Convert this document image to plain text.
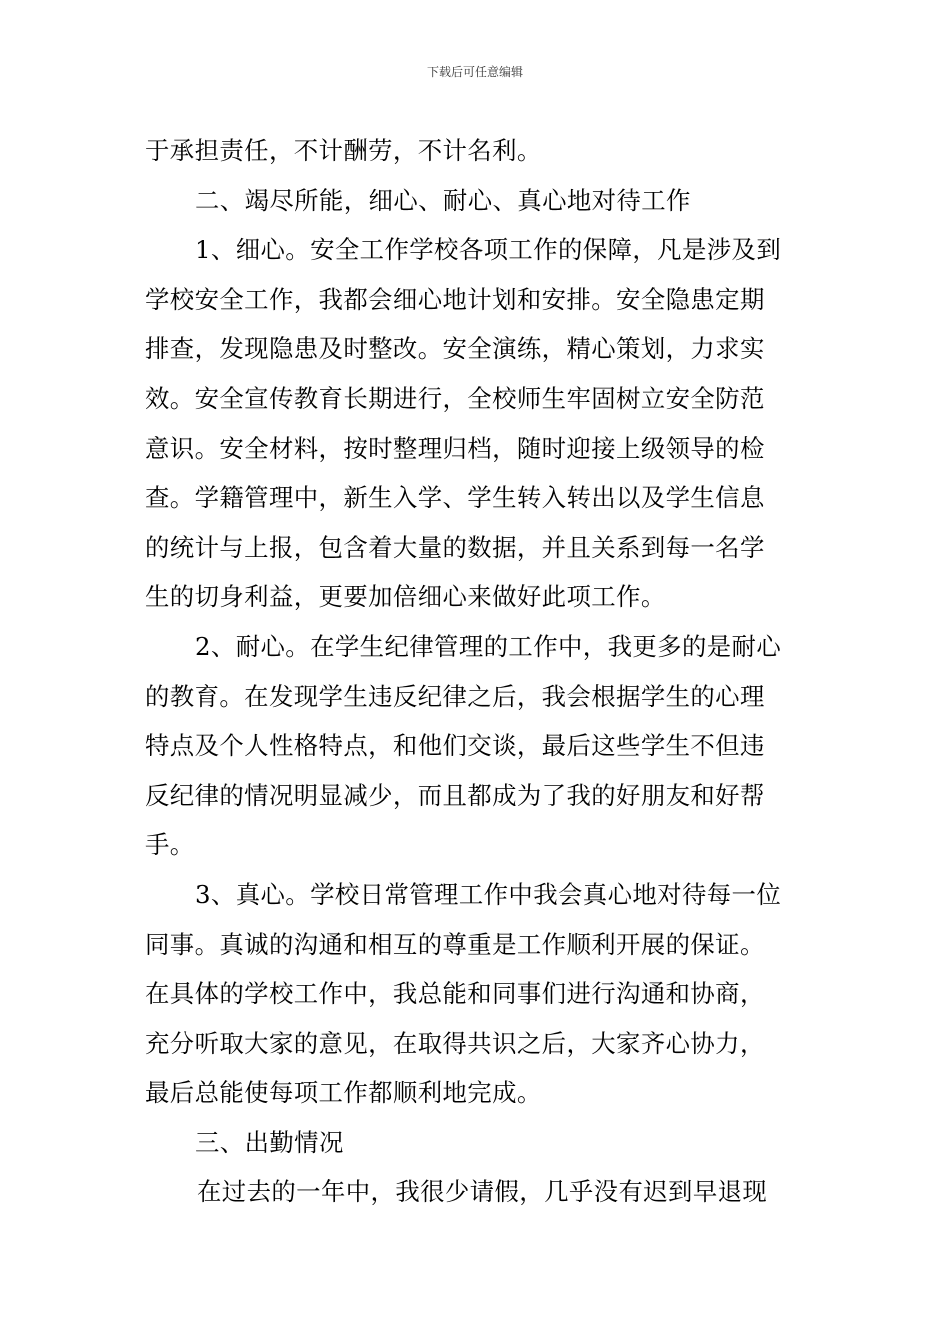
下载后可任意编辑
于承担责任，不计酬劳，不计名利。
二、竭尽所能，细心、耐心、真心地对待工作
1、细心。安全工作学校各项工作的保障，凡是涉及到
学校安全工作，我都会细心地计划和安排。安全隐患定期
排查，发现隐患及时整改。安全演练，精心策划，力求实
效。安全宣传教育长期进行，全校师生牢固树立安全防范
意识。安全材料，按时整理归档，随时迎接上级领导的检
查。学籍管理中，新生入学、学生转入转出以及学生信息
的统计与上报，包含着大量的数据，并且关系到每一名学
生的切身利益，更要加倍细心来做好此项工作。
2、耐心。在学生纪律管理的工作中，我更多的是耐心
的教育。在发现学生违反纪律之后，我会根据学生的心理
特点及个人性格特点，和他们交谈，最后这些学生不但违
反纪律的情况明显减少，而且都成为了我的好朋友和好帮
手。
3、真心。学校日常管理工作中我会真心地对待每一位
同事。真诚的沟通和相互的尊重是工作顺利开展的保证。
在具体的学校工作中，我总能和同事们进行沟通和协商，
充分听取大家的意见，在取得共识之后，大家齐心协力，
最后总能使每项工作都顺利地完成。
三、出勤情况
在过去的一年中，我很少请假，几乎没有迟到早退现
